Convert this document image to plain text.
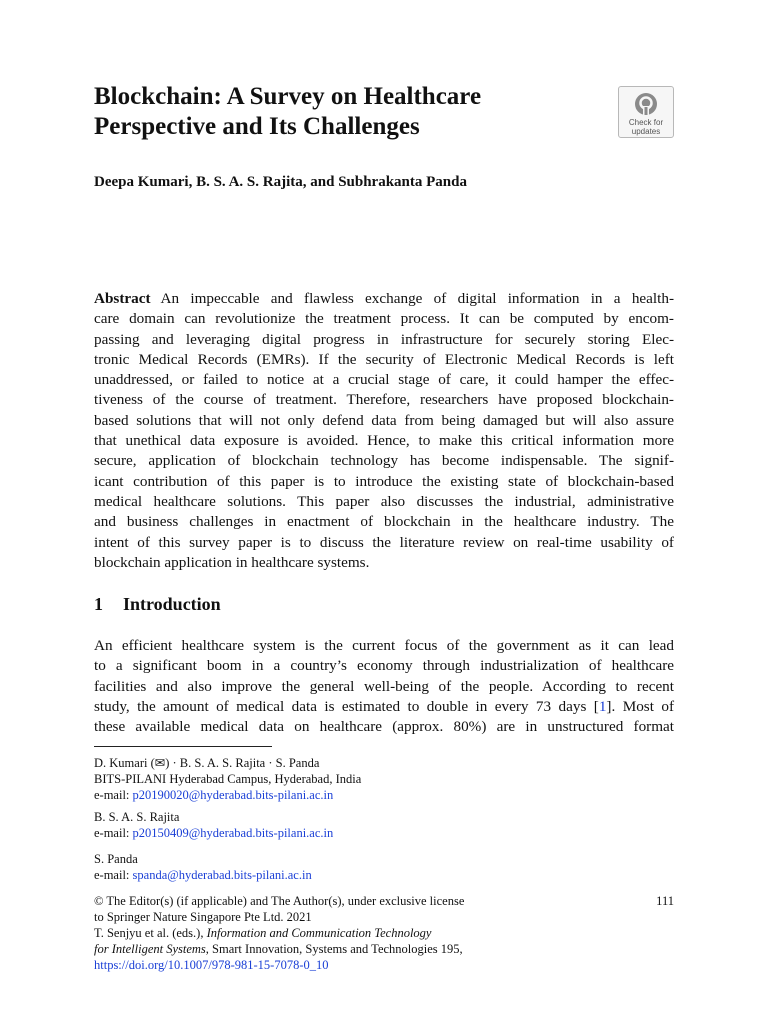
Blockchain: A Survey on Healthcare
Perspective and Its Challenges	Check for
updates
Deepa Kumari, B. S. A. S. Rajita, and Subhrakanta Panda
Abstract An impeccable and flawless exchange of digital information in a health-
care domain can revolutionize the treatment process. It can be computed by encom-
passing and leveraging digital progress in infrastructure for securely storing Elec-
tronic Medical Records (EMRs). If the security of Electronic Medical Records is left
unaddressed, or failed to notice at a crucial stage of care, it could hamper the effec-
tiveness of the course of treatment. Therefore, researchers have proposed blockchain-
based solutions that will not only defend data from being damaged but will also assure
that unethical data exposure is avoided. Hence, to make this critical information more
secure, application of blockchain technology has become indispensable. The signif-
icant contribution of this paper is to introduce the existing state of blockchain-based
medical healthcare solutions. This paper also discusses the industrial, administrative
and business challenges in enactment of blockchain in the healthcare industry. The
intent of this survey paper is to discuss the literature review on real-time usability of
blockchain application in healthcare systems.
1 Introduction
An efficient healthcare system is the current focus of the government as it can lead
to a significant boom in a country’s economy through industrialization of healthcare
facilities and also improve the general well-being of the people. According to recent
study, the amount of medical data is estimated to double in every 73 days [1]. Most of
these available medical data on healthcare (approx. 80%) are in unstructured format
D. Kumari (✉) · B. S. A. S. Rajita · S. Panda
BITS-PILANI Hyderabad Campus, Hyderabad, India
e-mail: p20190020@hyderabad.bits-pilani.ac.in
B. S. A. S. Rajita
e-mail: p20150409@hyderabad.bits-pilani.ac.in
S. Panda
e-mail: spanda@hyderabad.bits-pilani.ac.in
© The Editor(s) (if applicable) and The Author(s), under exclusive license
to Springer Nature Singapore Pte Ltd. 2021
T. Senjyu et al. (eds.), Information and Communication Technology
for Intelligent Systems, Smart Innovation, Systems and Technologies 195,
https://doi.org/10.1007/978-981-15-7078-0_10
111
